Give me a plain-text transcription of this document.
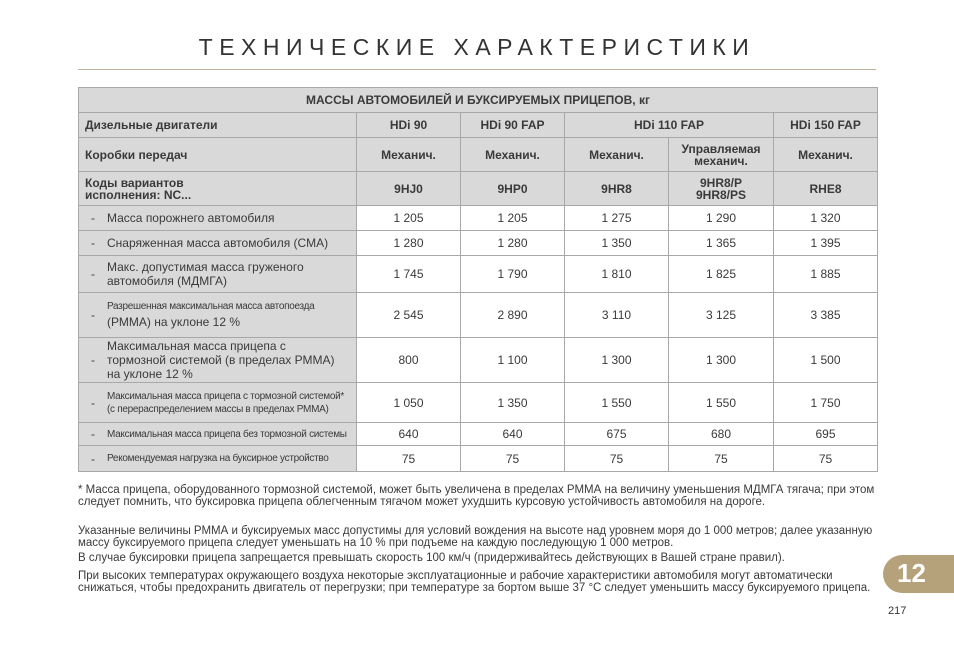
ТЕХНИЧЕСКИЕ ХАРАКТЕРИСТИКИ
МАССЫ АВТОМОБИЛЕЙ И БУКСИРУЕМЫХ ПРИЦЕПОВ, кг					
Дизельные двигатели	HDi 90	HDi 90 FAP	HDi 110 FAP		HDi 150 FAP
Коробки передач	Механич.	Механич.	Механич.	Управляемая механич.	Механич.
Коды вариантов исполнения: NC...	9HJ0	9HP0	9HR8	9HR8/P 9HR8/PS	RHE8

- Масса порожнего автомобиля	1 205	1 205	1 275	1 290	1 320

- Снаряженная масса автомобиля (СМА)	1 280	1 280	1 350	1 365	1 395

- Макс. допустимая масса груженого автомобиля (МДМГА)	1 745	1 790	1 810	1 825	1 885

-
Разрешенная максимальная масса автопоезда
(РММА) на уклоне 12 %	2 545	2 890	3 110	3 125	3 385

-
Максимальная масса прицепа с тормозной системой (в пределах РММА) на уклоне 12 %	800	1 100	1 300	1 300	1 500

- Максимальная масса прицепа с тормозной системой*
(с перераспределением массы в пределах РММА)	1 050	1 350	1 550	1 550	1 750

- Максимальная масса прицепа без тормозной системы	640	640	675	680	695

- Рекомендуемая нагрузка на буксирное устройство	75	75	75	75	75

* Масса прицепа, оборудованного тормозной системой, может быть увеличена в пределах РММА на величину уменьшения МДМГА тягача; при этом следует помнить, что буксировка прицепа облегченным тягачом может ухудшить курсовую устойчивость автомобиля на дороге.

Указанные величины РММА и буксируемых масс допустимы для условий вождения на высоте над уровнем моря до 1 000 метров; далее указанную массу буксируемого прицепа следует уменьшать на 10 % при подъеме на каждую последующую 1 000 метров.

В случае буксировки прицепа запрещается превышать скорость 100 км/ч (придерживайтесь действующих в Вашей стране правил).

При высоких температурах окружающего воздуха некоторые эксплуатационные и рабочие характеристики автомобиля могут автоматически снижаться, чтобы предохранить двигатель от перегрузки; при температуре за бортом выше 37 °C следует уменьшить массу буксируемого прицепа.	12
217
